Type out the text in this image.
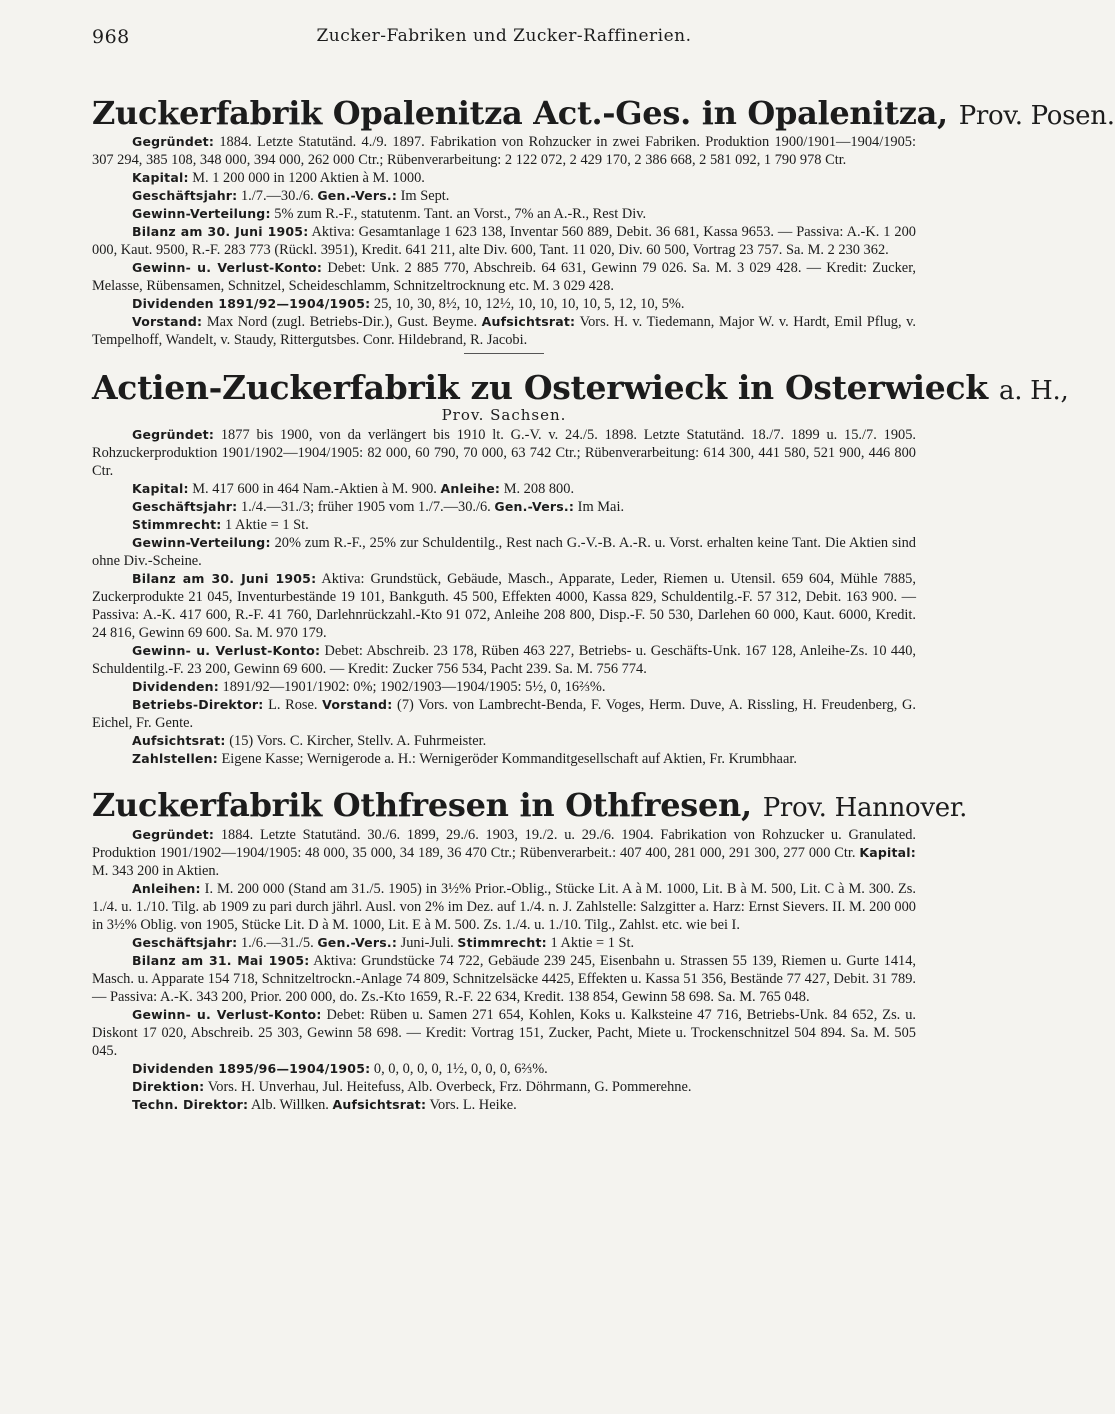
968	Zucker-Fabriken und Zucker-Raffinerien.
Zuckerfabrik Opalenitza Act.-Ges. in Opalenitza, Prov. Posen.

Gegründet: 1884. Letzte Statutänd. 4./9. 1897. Fabrikation von Rohzucker in zwei Fabriken. Produktion 1900/1901—1904/1905: 307 294, 385 108, 348 000, 394 000, 262 000 Ctr.; Rübenverarbeitung: 2 122 072, 2 429 170, 2 386 668, 2 581 092, 1 790 978 Ctr.

Kapital: M. 1 200 000 in 1200 Aktien à M. 1000.

Geschäftsjahr: 1./7.—30./6. Gen.-Vers.: Im Sept.

Gewinn-Verteilung: 5% zum R.-F., statutenm. Tant. an Vorst., 7% an A.-R., Rest Div.

Bilanz am 30. Juni 1905: Aktiva: Gesamtanlage 1 623 138, Inventar 560 889, Debit. 36 681, Kassa 9653. — Passiva: A.-K. 1 200 000, Kaut. 9500, R.-F. 283 773 (Rückl. 3951), Kredit. 641 211, alte Div. 600, Tant. 11 020, Div. 60 500, Vortrag 23 757. Sa. M. 2 230 362.

Gewinn- u. Verlust-Konto: Debet: Unk. 2 885 770, Abschreib. 64 631, Gewinn 79 026. Sa. M. 3 029 428. — Kredit: Zucker, Melasse, Rübensamen, Schnitzel, Scheideschlamm, Schnitzeltrocknung etc. M. 3 029 428.

Dividenden 1891/92—1904/1905: 25, 10, 30, 8½, 10, 12½, 10, 10, 10, 10, 5, 12, 10, 5%.

Vorstand: Max Nord (zugl. Betriebs-Dir.), Gust. Beyme. Aufsichtsrat: Vors. H. v. Tiedemann, Major W. v. Hardt, Emil Pflug, v. Tempelhoff, Wandelt, v. Staudy, Rittergutsbes. Conr. Hildebrand, R. Jacobi.

Actien-Zuckerfabrik zu Osterwieck in Osterwieck a. H.,
Prov. Sachsen.

Gegründet: 1877 bis 1900, von da verlängert bis 1910 lt. G.-V. v. 24./5. 1898. Letzte Statutänd. 18./7. 1899 u. 15./7. 1905. Rohzuckerproduktion 1901/1902—1904/1905: 82 000, 60 790, 70 000, 63 742 Ctr.; Rübenverarbeitung: 614 300, 441 580, 521 900, 446 800 Ctr.

Kapital: M. 417 600 in 464 Nam.-Aktien à M. 900. Anleihe: M. 208 800.

Geschäftsjahr: 1./4.—31./3; früher 1905 vom 1./7.—30./6. Gen.-Vers.: Im Mai.

Stimmrecht: 1 Aktie = 1 St.

Gewinn-Verteilung: 20% zum R.-F., 25% zur Schuldentilg., Rest nach G.-V.-B. A.-R. u. Vorst. erhalten keine Tant. Die Aktien sind ohne Div.-Scheine.

Bilanz am 30. Juni 1905: Aktiva: Grundstück, Gebäude, Masch., Apparate, Leder, Riemen u. Utensil. 659 604, Mühle 7885, Zuckerprodukte 21 045, Inventurbestände 19 101, Bankguth. 45 500, Effekten 4000, Kassa 829, Schuldentilg.-F. 57 312, Debit. 163 900. — Passiva: A.-K. 417 600, R.-F. 41 760, Darlehnrückzahl.-Kto 91 072, Anleihe 208 800, Disp.-F. 50 530, Darlehen 60 000, Kaut. 6000, Kredit. 24 816, Gewinn 69 600. Sa. M. 970 179.

Gewinn- u. Verlust-Konto: Debet: Abschreib. 23 178, Rüben 463 227, Betriebs- u. Geschäfts-Unk. 167 128, Anleihe-Zs. 10 440, Schuldentilg.-F. 23 200, Gewinn 69 600. — Kredit: Zucker 756 534, Pacht 239. Sa. M. 756 774.

Dividenden: 1891/92—1901/1902: 0%; 1902/1903—1904/1905: 5½, 0, 16⅔%.

Betriebs-Direktor: L. Rose. Vorstand: (7) Vors. von Lambrecht-Benda, F. Voges, Herm. Duve, A. Rissling, H. Freudenberg, G. Eichel, Fr. Gente.

Aufsichtsrat: (15) Vors. C. Kircher, Stellv. A. Fuhrmeister.

Zahlstellen: Eigene Kasse; Wernigerode a. H.: Wernigeröder Kommanditgesellschaft auf Aktien, Fr. Krumbhaar.

Zuckerfabrik Othfresen in Othfresen, Prov. Hannover.

Gegründet: 1884. Letzte Statutänd. 30./6. 1899, 29./6. 1903, 19./2. u. 29./6. 1904. Fabrikation von Rohzucker u. Granulated. Produktion 1901/1902—1904/1905: 48 000, 35 000, 34 189, 36 470 Ctr.; Rübenverarbeit.: 407 400, 281 000, 291 300, 277 000 Ctr. Kapital: M. 343 200 in Aktien.

Anleihen: I. M. 200 000 (Stand am 31./5. 1905) in 3½% Prior.-Oblig., Stücke Lit. A à M. 1000, Lit. B à M. 500, Lit. C à M. 300. Zs. 1./4. u. 1./10. Tilg. ab 1909 zu pari durch jährl. Ausl. von 2% im Dez. auf 1./4. n. J. Zahlstelle: Salzgitter a. Harz: Ernst Sievers. II. M. 200 000 in 3½% Oblig. von 1905, Stücke Lit. D à M. 1000, Lit. E à M. 500. Zs. 1./4. u. 1./10. Tilg., Zahlst. etc. wie bei I.

Geschäftsjahr: 1./6.—31./5. Gen.-Vers.: Juni-Juli. Stimmrecht: 1 Aktie = 1 St.

Bilanz am 31. Mai 1905: Aktiva: Grundstücke 74 722, Gebäude 239 245, Eisenbahn u. Strassen 55 139, Riemen u. Gurte 1414, Masch. u. Apparate 154 718, Schnitzeltrockn.-Anlage 74 809, Schnitzelsäcke 4425, Effekten u. Kassa 51 356, Bestände 77 427, Debit. 31 789. — Passiva: A.-K. 343 200, Prior. 200 000, do. Zs.-Kto 1659, R.-F. 22 634, Kredit. 138 854, Gewinn 58 698. Sa. M. 765 048.

Gewinn- u. Verlust-Konto: Debet: Rüben u. Samen 271 654, Kohlen, Koks u. Kalksteine 47 716, Betriebs-Unk. 84 652, Zs. u. Diskont 17 020, Abschreib. 25 303, Gewinn 58 698. — Kredit: Vortrag 151, Zucker, Pacht, Miete u. Trockenschnitzel 504 894. Sa. M. 505 045.

Dividenden 1895/96—1904/1905: 0, 0, 0, 0, 0, 1½, 0, 0, 0, 6⅔%.

Direktion: Vors. H. Unverhau, Jul. Heitefuss, Alb. Overbeck, Frz. Döhrmann, G. Pommerehne.

Techn. Direktor: Alb. Willken. Aufsichtsrat: Vors. L. Heike.
